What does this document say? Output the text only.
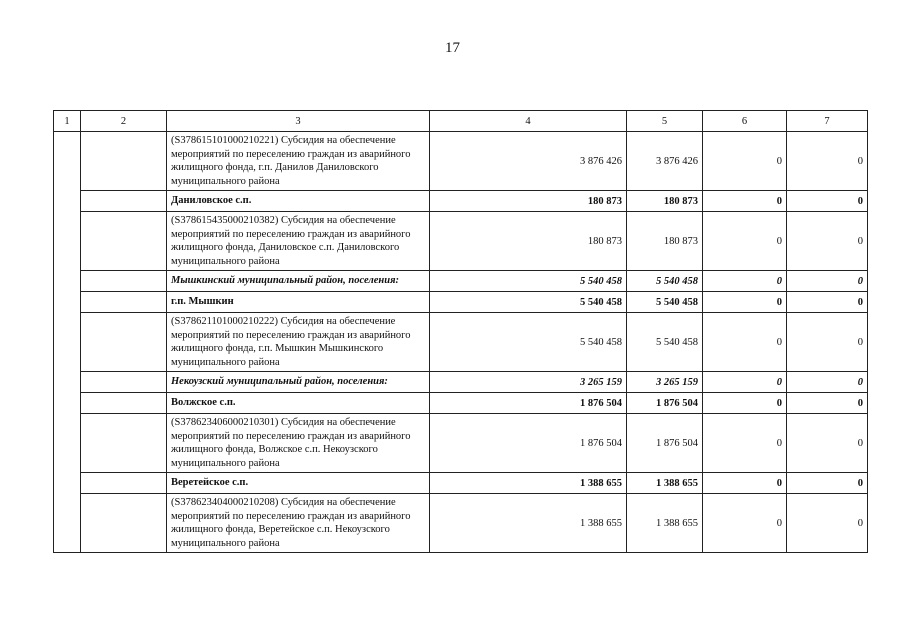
17
1	2	3	4	5	6	7
		(S378615101000210221) Субсидия на обеспечение мероприятий по переселению граждан из аварийного жилищного фонда, г.п. Данилов Даниловского муниципального района	3 876 426	3 876 426	0	0
		Даниловское с.п.	180 873	180 873	0	0
		(S378615435000210382) Субсидия на обеспечение мероприятий по переселению граждан из аварийного жилищного фонда, Даниловское с.п. Даниловского муниципального района	180 873	180 873	0	0
		Мышкинский муниципальный район, поселения:	5 540 458	5 540 458	0	0
		г.п. Мышкин	5 540 458	5 540 458	0	0
		(S378621101000210222) Субсидия на обеспечение мероприятий по переселению граждан из аварийного жилищного фонда, г.п. Мышкин Мышкинского муниципального района	5 540 458	5 540 458	0	0
		Некоузский муниципальный район, поселения:	3 265 159	3 265 159	0	0
		Волжское с.п.	1 876 504	1 876 504	0	0
		(S378623406000210301) Субсидия на обеспечение мероприятий по переселению граждан из аварийного жилищного фонда, Волжское с.п. Некоузского муниципального района	1 876 504	1 876 504	0	0
		Веретейское с.п.	1 388 655	1 388 655	0	0
		(S378623404000210208) Субсидия на обеспечение мероприятий по переселению граждан из аварийного жилищного фонда, Веретейское с.п. Некоузского муниципального района	1 388 655	1 388 655	0	0
